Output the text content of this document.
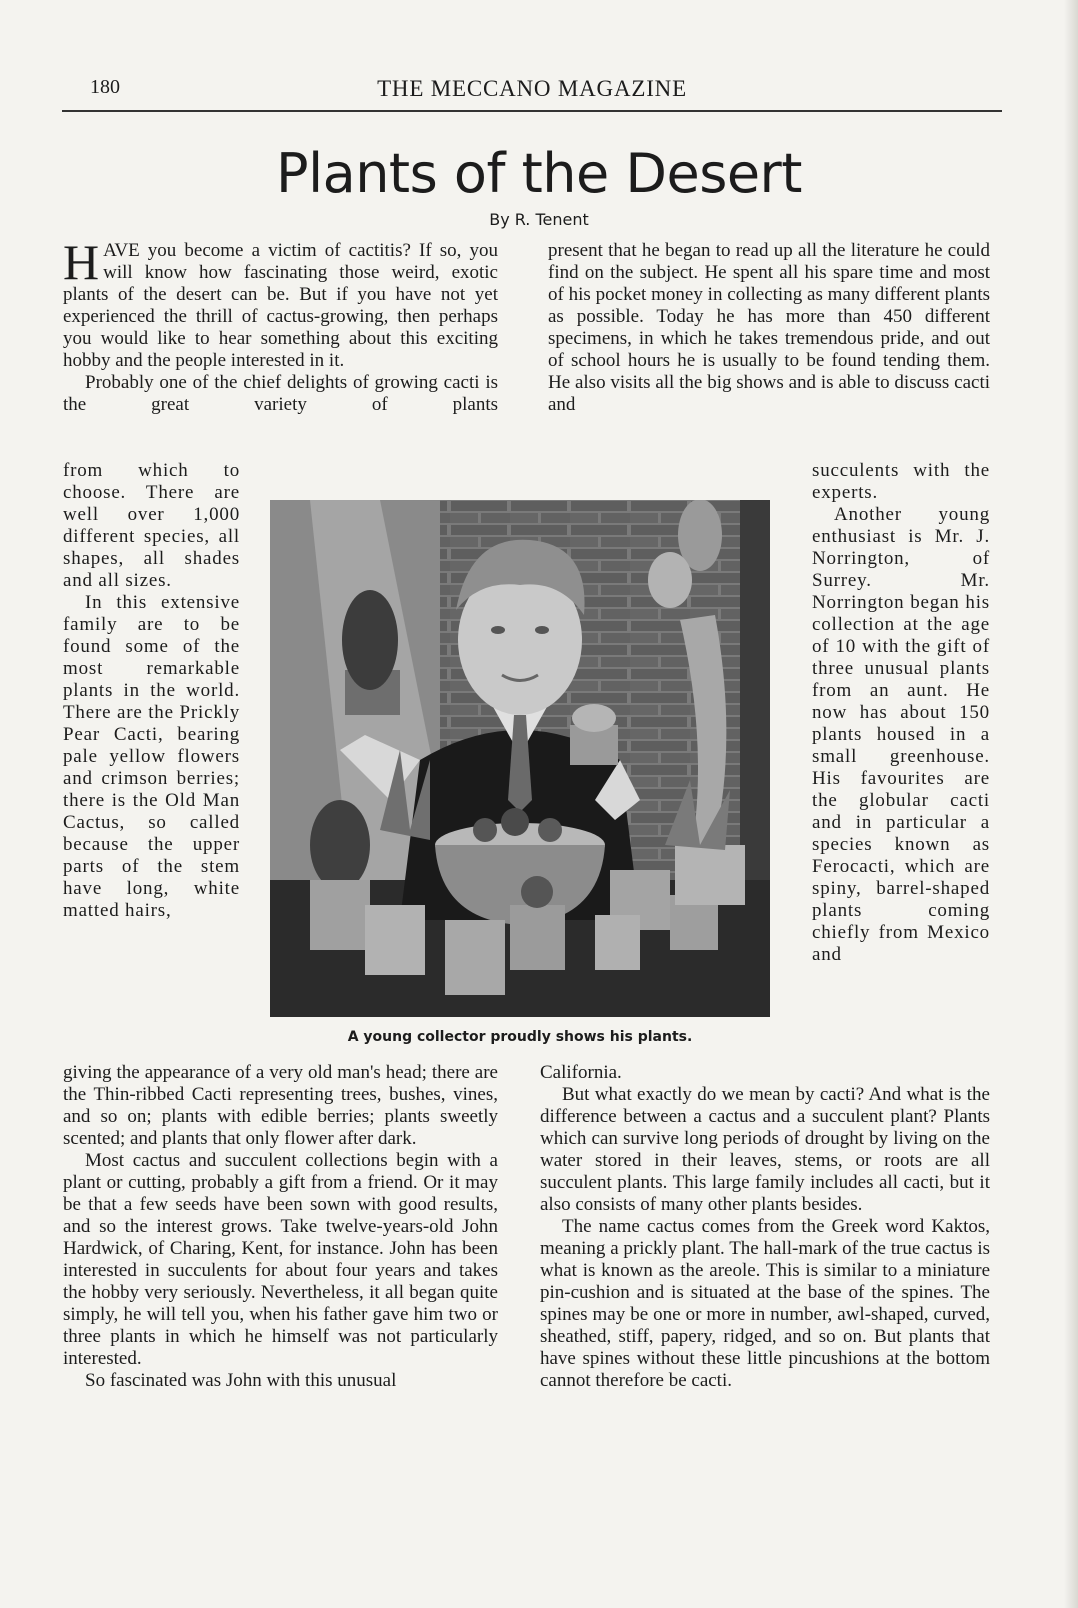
180	THE MECCANO MAGAZINE
Plants of the Desert
By R. Tenent

HAVE you become a victim of cactitis? If so, you will know how fascinating those weird, exotic plants of the desert can be. But if you have not yet experienced the thrill of cactus-growing, then perhaps you would like to hear something about this exciting hobby and the people interested in it.

Probably one of the chief delights of growing cacti is the great variety of plants

from which to choose. There are well over 1,000 different species, all shapes, all shades and all sizes.

In this extensive family are to be found some of the most remarkable plants in the world. There are the Prickly Pear Cacti, bearing pale yellow flowers and crimson berries; there is the Old Man Cactus, so called because the upper parts of the stem have long, white matted hairs,

giving the appearance of a very old man's head; there are the Thin-ribbed Cacti representing trees, bushes, vines, and so on; plants with edible berries; plants sweetly scented; and plants that only flower after dark.

Most cactus and succulent collections begin with a plant or cutting, probably a gift from a friend. Or it may be that a few seeds have been sown with good results, and so the interest grows. Take twelve-years-old John Hardwick, of Charing, Kent, for instance. John has been interested in succulents for about four years and takes the hobby very seriously. Nevertheless, it all began quite simply, he will tell you, when his father gave him two or three plants in which he himself was not particularly interested.

So fascinated was John with this unusual

present that he began to read up all the literature he could find on the subject. He spent all his spare time and most of his pocket money in collecting as many different plants as possible. Today he has more than 450 different specimens, in which he takes tremendous pride, and out of school hours he is usually to be found tending them. He also visits all the big shows and is able to discuss cacti and

succulents with the experts.

Another young enthusiast is Mr. J. Norrington, of Surrey. Mr. Norrington began his collection at the age of 10 with the gift of three unusual plants from an aunt. He now has about 150 plants housed in a small greenhouse. His favourites are the globular cacti and in particular a species known as Ferocacti, which are spiny, barrel-shaped plants coming chiefly from Mexico and

California.

But what exactly do we mean by cacti? And what is the difference between a cactus and a succulent plant? Plants which can survive long periods of drought by living on the water stored in their leaves, stems, or roots are all succulent plants. This large family includes all cacti, but it also consists of many other plants besides.

The name cactus comes from the Greek word Kaktos, meaning a prickly plant. The hall-mark of the true cactus is what is known as the areole. This is similar to a miniature pin-cushion and is situated at the base of the spines. The spines may be one or more in number, awl-shaped, curved, sheathed, stiff, papery, ridged, and so on. But plants that have spines without these little pincushions at the bottom cannot therefore be cacti.

A young collector proudly shows his plants.
